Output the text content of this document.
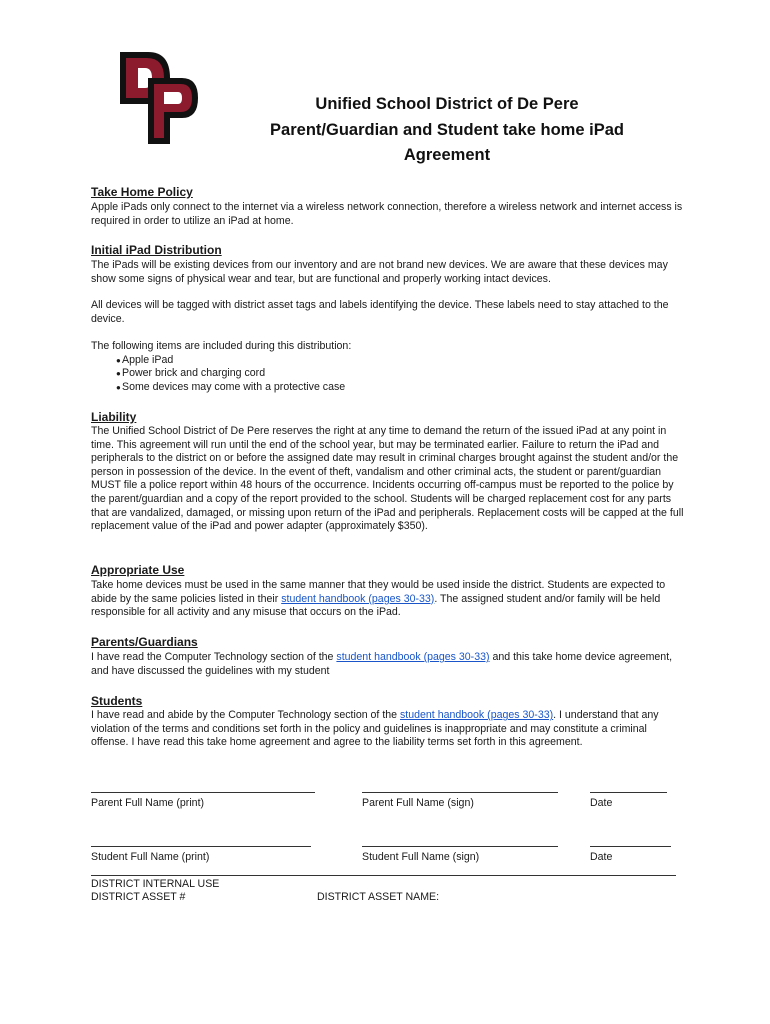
Unified School District of De Pere
Parent/Guardian and Student take home iPad
Agreement
Take Home Policy

Apple iPads only connect to the internet via a wireless network connection, therefore a wireless network and internet access is required in order to utilize an iPad at home.

Initial iPad Distribution

The iPads will be existing devices from our inventory and are not brand new devices. We are aware that these devices may show some signs of physical wear and tear, but are functional and properly working intact devices.

All devices will be tagged with district asset tags and labels identifying the device. These labels need to stay attached to the device.

The following items are included during this distribution:

● Apple iPad
● Power brick and charging cord
● Some devices may come with a protective case
Liability

The Unified School District of De Pere reserves the right at any time to demand the return of the issued iPad at any point in time. This agreement will run until the end of the school year, but may be terminated earlier. Failure to return the iPad and peripherals to the district on or before the assigned date may result in criminal charges brought against the student and/or the person in possession of the device. In the event of theft, vandalism and other criminal acts, the student or parent/guardian MUST file a police report within 48 hours of the occurrence. Incidents occurring off-campus must be reported to the police by the parent/guardian and a copy of the report provided to the school. Students will be charged replacement cost for any parts that are vandalized, damaged, or missing upon return of the iPad and peripherals. Replacement costs will be capped at the full replacement value of the iPad and power adapter (approximately $350).

Appropriate Use

Take home devices must be used in the same manner that they would be used inside the district. Students are expected to abide by the same policies listed in their student handbook (pages 30-33). The assigned student and/or family will be held responsible for all activity and any misuse that occurs on the iPad.

Parents/Guardians

I have read the Computer Technology section of the student handbook (pages 30-33) and this take home device agreement, and have discussed the guidelines with my student

Students

I have read and abide by the Computer Technology section of the student handbook (pages 30-33). I understand that any violation of the terms and conditions set forth in the policy and guidelines is inappropriate and may constitute a criminal offense. I have read this take home agreement and agree to the liability terms set forth in this agreement.

Parent Full Name (print)	Parent Full Name (sign)	Date
Student Full Name (print)	Student Full Name (sign)	Date
DISTRICT INTERNAL USE
DISTRICT ASSET #	DISTRICT ASSET NAME:
